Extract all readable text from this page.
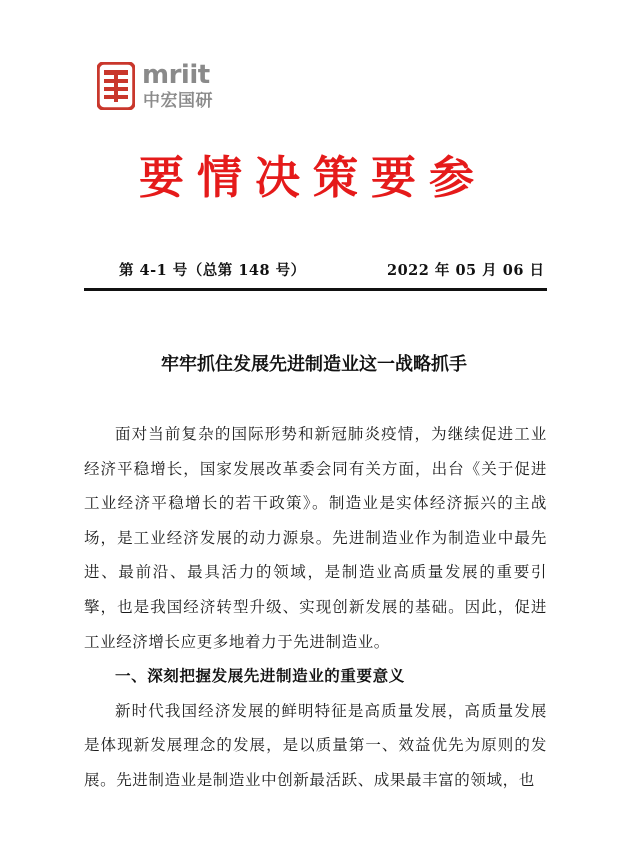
mriit
中宏国研
要情决策要参
第 4-1 号（总第 148 号）	2022 年 05 月 06 日
牢牢抓住发展先进制造业这一战略抓手

面对当前复杂的国际形势和新冠肺炎疫情，为继续促进工业经济平稳增长，国家发展改革委会同有关方面，出台《关于促进工业经济平稳增长的若干政策》。制造业是实体经济振兴的主战场，是工业经济发展的动力源泉。先进制造业作为制造业中最先进、最前沿、最具活力的领域，是制造业高质量发展的重要引擎，也是我国经济转型升级、实现创新发展的基础。因此，促进工业经济增长应更多地着力于先进制造业。

一、深刻把握发展先进制造业的重要意义

新时代我国经济发展的鲜明特征是高质量发展，高质量发展是体现新发展理念的发展，是以质量第一、效益优先为原则的发展。先进制造业是制造业中创新最活跃、成果最丰富的领域，也
